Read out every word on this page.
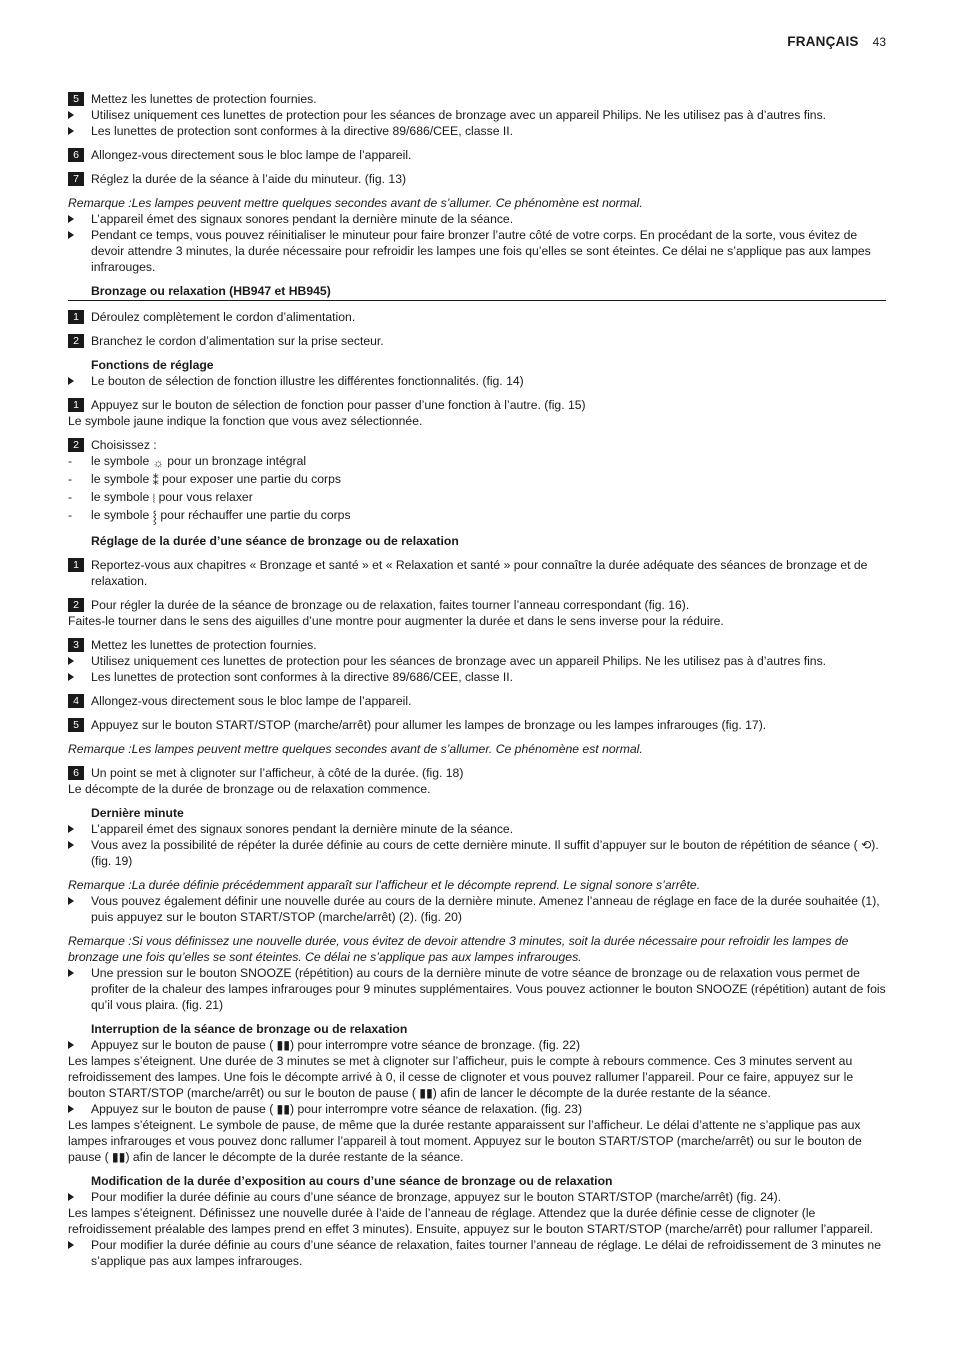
FRANÇAIS 43
5 Mettez les lunettes de protection fournies.
Utilisez uniquement ces lunettes de protection pour les séances de bronzage avec un appareil Philips. Ne les utilisez pas à d’autres fins.
Les lunettes de protection sont conformes à la directive 89/686/CEE, classe II.
6 Allongez-vous directement sous le bloc lampe de l’appareil.
7 Réglez la durée de la séance à l’aide du minuteur. (fig. 13)
Remarque :Les lampes peuvent mettre quelques secondes avant de s’allumer. Ce phénomène est normal.
L’appareil émet des signaux sonores pendant la dernière minute de la séance.
Pendant ce temps, vous pouvez réinitialiser le minuteur pour faire bronzer l’autre côté de votre corps. En procédant de la sorte, vous évitez de devoir attendre 3 minutes, la durée nécessaire pour refroidir les lampes une fois qu’elles se sont éteintes. Ce délai ne s’applique pas aux lampes infrarouges.
Bronzage ou relaxation (HB947 et HB945)
1 Déroulez complètement le cordon d’alimentation.
2 Branchez le cordon d’alimentation sur la prise secteur.
Fonctions de réglage
Le bouton de sélection de fonction illustre les différentes fonctionnalités. (fig. 14)
1 Appuyez sur le bouton de sélection de fonction pour passer d’une fonction à l’autre. (fig. 15)
Le symbole jaune indique la fonction que vous avez sélectionnée.
2 Choisissez :
- le symbole ☼ pour un bronzage intégral
- le symbole ⁑ pour exposer une partie du corps
- le symbole ⦚ pour vous relaxer
- le symbole ⸾ pour réchauffer une partie du corps
Réglage de la durée d’une séance de bronzage ou de relaxation
1 Reportez-vous aux chapitres « Bronzage et santé » et « Relaxation et santé » pour connaître la durée adéquate des séances de bronzage et de relaxation.
2 Pour régler la durée de la séance de bronzage ou de relaxation, faites tourner l’anneau correspondant (fig. 16).
Faites-le tourner dans le sens des aiguilles d’une montre pour augmenter la durée et dans le sens inverse pour la réduire.
3 Mettez les lunettes de protection fournies.
Utilisez uniquement ces lunettes de protection pour les séances de bronzage avec un appareil Philips. Ne les utilisez pas à d’autres fins.
Les lunettes de protection sont conformes à la directive 89/686/CEE, classe II.
4 Allongez-vous directement sous le bloc lampe de l’appareil.
5 Appuyez sur le bouton START/STOP (marche/arrêt) pour allumer les lampes de bronzage ou les lampes infrarouges (fig. 17).
Remarque :Les lampes peuvent mettre quelques secondes avant de s’allumer. Ce phénomène est normal.
6 Un point se met à clignoter sur l’afficheur, à côté de la durée. (fig. 18)
Le décompte de la durée de bronzage ou de relaxation commence.
Dernière minute
L’appareil émet des signaux sonores pendant la dernière minute de la séance.
Vous avez la possibilité de répéter la durée définie au cours de cette dernière minute. Il suffit d’appuyer sur le bouton de répétition de séance ( ⟲). (fig. 19)
Remarque :La durée définie précédemment apparaît sur l’afficheur et le décompte reprend. Le signal sonore s’arrête.
Vous pouvez également définir une nouvelle durée au cours de la dernière minute. Amenez l’anneau de réglage en face de la durée souhaitée (1), puis appuyez sur le bouton START/STOP (marche/arrêt) (2). (fig. 20)
Remarque :Si vous définissez une nouvelle durée, vous évitez de devoir attendre 3 minutes, soit la durée nécessaire pour refroidir les lampes de bronzage une fois qu’elles se sont éteintes. Ce délai ne s’applique pas aux lampes infrarouges.
Une pression sur le bouton SNOOZE (répétition) au cours de la dernière minute de votre séance de bronzage ou de relaxation vous permet de profiter de la chaleur des lampes infrarouges pour 9 minutes supplémentaires. Vous pouvez actionner le bouton SNOOZE (répétition) autant de fois qu’il vous plaira. (fig. 21)
Interruption de la séance de bronzage ou de relaxation
Appuyez sur le bouton de pause ( ▮▮) pour interrompre votre séance de bronzage. (fig. 22)
Les lampes s’éteignent. Une durée de 3 minutes se met à clignoter sur l’afficheur, puis le compte à rebours commence. Ces 3 minutes servent au refroidissement des lampes. Une fois le décompte arrivé à 0, il cesse de clignoter et vous pouvez rallumer l’appareil. Pour ce faire, appuyez sur le bouton START/STOP (marche/arrêt) ou sur le bouton de pause ( ▮▮) afin de lancer le décompte de la durée restante de la séance.
Appuyez sur le bouton de pause ( ▮▮) pour interrompre votre séance de relaxation. (fig. 23)
Les lampes s’éteignent. Le symbole de pause, de même que la durée restante apparaissent sur l’afficheur. Le délai d’attente ne s’applique pas aux lampes infrarouges et vous pouvez donc rallumer l’appareil à tout moment. Appuyez sur le bouton START/STOP (marche/arrêt) ou sur le bouton de pause ( ▮▮) afin de lancer le décompte de la durée restante de la séance.
Modification de la durée d’exposition au cours d’une séance de bronzage ou de relaxation
Pour modifier la durée définie au cours d’une séance de bronzage, appuyez sur le bouton START/STOP (marche/arrêt) (fig. 24).
Les lampes s’éteignent. Définissez une nouvelle durée à l’aide de l’anneau de réglage. Attendez que la durée définie cesse de clignoter (le refroidissement préalable des lampes prend en effet 3 minutes). Ensuite, appuyez sur le bouton START/STOP (marche/arrêt) pour rallumer l’appareil.
Pour modifier la durée définie au cours d’une séance de relaxation, faites tourner l’anneau de réglage. Le délai de refroidissement de 3 minutes ne s’applique pas aux lampes infrarouges.
